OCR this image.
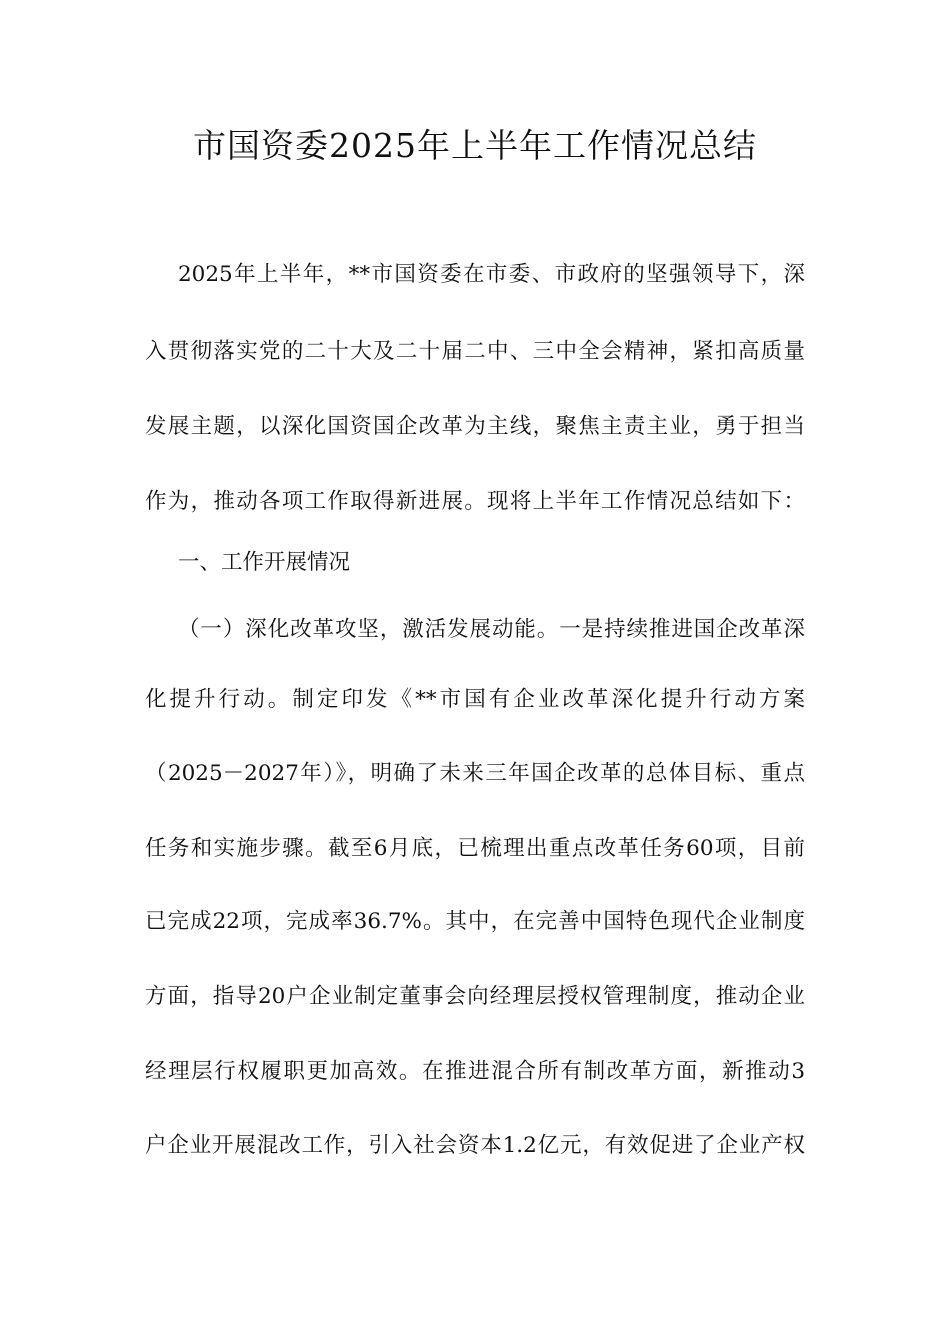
市国资委2025年上半年工作情况总结
2025年上半年，**市国资委在市委、市政府的坚强领导下，深
入贯彻落实党的二十大及二十届二中、三中全会精神，紧扣高质量
发展主题，以深化国资国企改革为主线，聚焦主责主业，勇于担当
作为，推动各项工作取得新进展。现将上半年工作情况总结如下：
一、工作开展情况
（一）深化改革攻坚，激活发展动能。一是持续推进国企改革深
化提升行动。制定印发《**市国有企业改革深化提升行动方案
（2025－2027年）》，明确了未来三年国企改革的总体目标、重点
任务和实施步骤。截至6月底，已梳理出重点改革任务60项，目前
已完成22项，完成率36.7%。其中，在完善中国特色现代企业制度
方面，指导20户企业制定董事会向经理层授权管理制度，推动企业
经理层行权履职更加高效。在推进混合所有制改革方面，新推动3
户企业开展混改工作，引入社会资本1.2亿元，有效促进了企业产权
